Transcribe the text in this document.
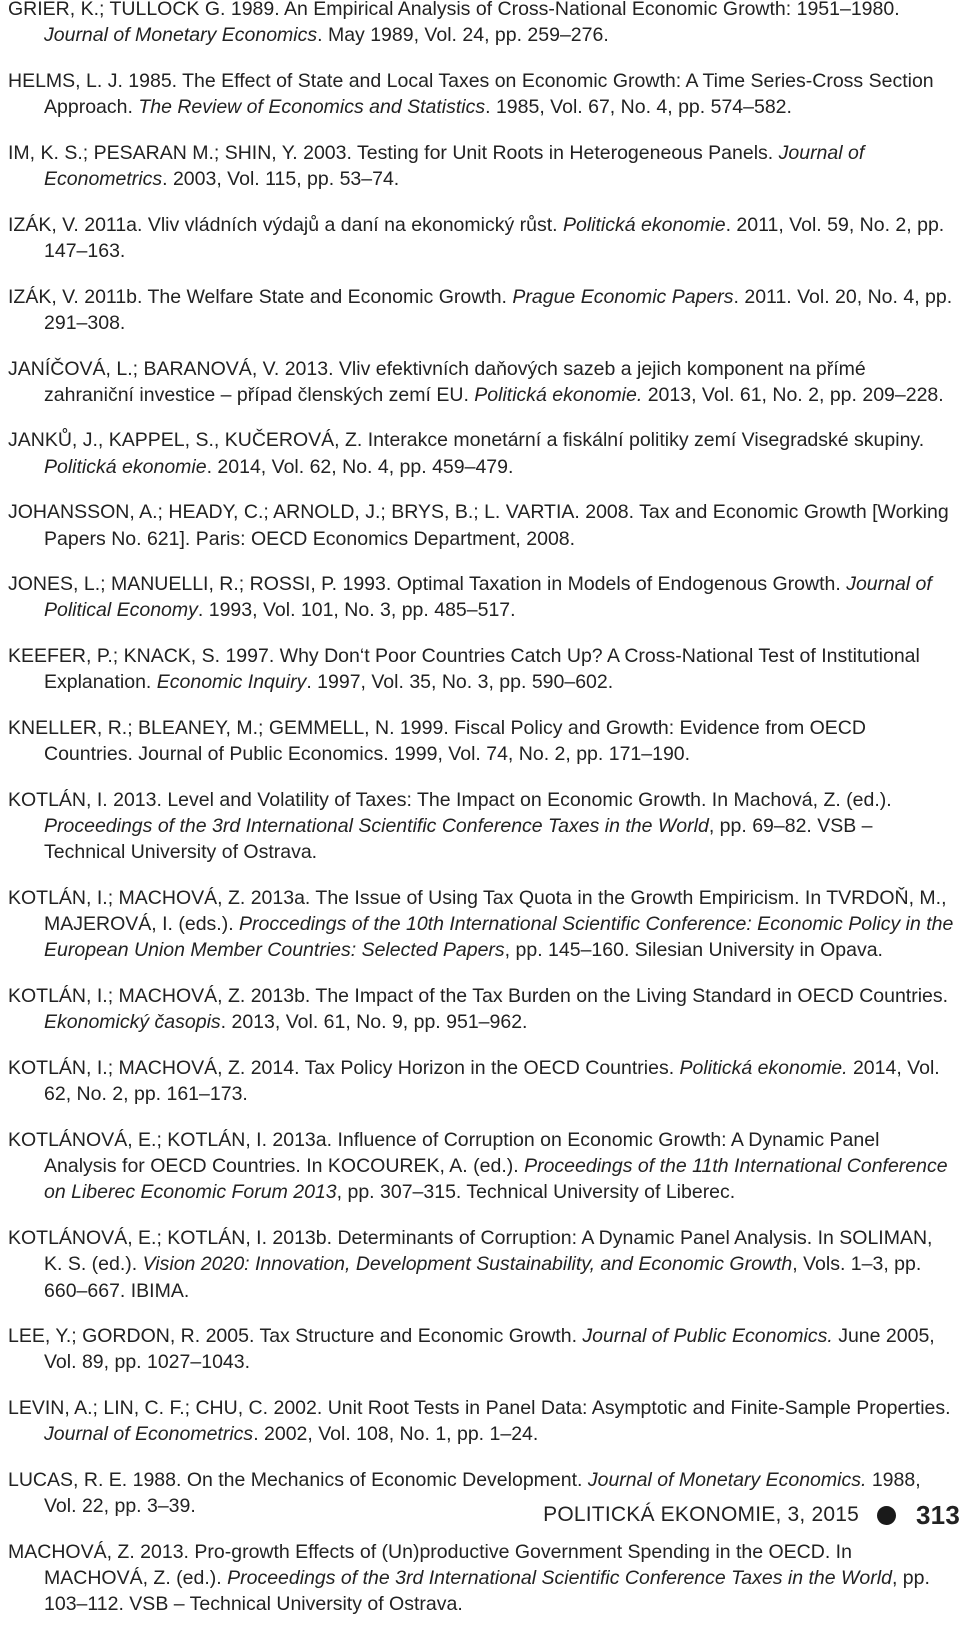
GRIER, K.; TULLOCK G. 1989. An Empirical Analysis of Cross-National Economic Growth: 1951–1980. Journal of Monetary Economics. May 1989, Vol. 24, pp. 259–276.

HELMS, L. J. 1985. The Effect of State and Local Taxes on Economic Growth: A Time Series-Cross Section Approach. The Review of Economics and Statistics. 1985, Vol. 67, No. 4, pp. 574–582.

IM, K. S.; PESARAN M.; SHIN, Y. 2003. Testing for Unit Roots in Heterogeneous Panels. Journal of Econometrics. 2003, Vol. 115, pp. 53–74.

IZÁK, V. 2011a. Vliv vládních výdajů a daní na ekonomický růst. Politická ekonomie. 2011, Vol. 59, No. 2, pp. 147–163.

IZÁK, V. 2011b. The Welfare State and Economic Growth. Prague Economic Papers. 2011. Vol. 20, No. 4, pp. 291–308.

JANÍČOVÁ, L.; BARANOVÁ, V. 2013. Vliv efektivních daňových sazeb a jejich komponent na přímé zahraniční investice – případ členských zemí EU. Politická ekonomie. 2013, Vol. 61, No. 2, pp. 209–228.

JANKŮ, J., KAPPEL, S., KUČEROVÁ, Z. Interakce monetární a fiskální politiky zemí Visegradské skupiny. Politická ekonomie. 2014, Vol. 62, No. 4, pp. 459–479.

JOHANSSON, A.; HEADY, C.; ARNOLD, J.; BRYS, B.; L. VARTIA. 2008. Tax and Economic Growth [Working Papers No. 621]. Paris: OECD Economics Department, 2008.

JONES, L.; MANUELLI, R.; ROSSI, P. 1993. Optimal Taxation in Models of Endogenous Growth. Journal of Political Economy. 1993, Vol. 101, No. 3, pp. 485–517.

KEEFER, P.; KNACK, S. 1997. Why Don‘t Poor Countries Catch Up? A Cross-National Test of Institutional Explanation. Economic Inquiry. 1997, Vol. 35, No. 3, pp. 590–602.

KNELLER, R.; BLEANEY, M.; GEMMELL, N. 1999. Fiscal Policy and Growth: Evidence from OECD Countries. Journal of Public Economics. 1999, Vol. 74, No. 2, pp. 171–190.

KOTLÁN, I. 2013. Level and Volatility of Taxes: The Impact on Economic Growth. In Machová, Z. (ed.). Proceedings of the 3rd International Scientific Conference Taxes in the World, pp. 69–82. VSB – Technical University of Ostrava.

KOTLÁN, I.; MACHOVÁ, Z. 2013a. The Issue of Using Tax Quota in the Growth Empiricism. In TVRDOŇ, M., MAJEROVÁ, I. (eds.). Proccedings of the 10th International Scientific Conference: Economic Policy in the European Union Member Countries: Selected Papers, pp. 145–160. Silesian University in Opava.

KOTLÁN, I.; MACHOVÁ, Z. 2013b. The Impact of the Tax Burden on the Living Standard in OECD Countries. Ekonomický časopis. 2013, Vol. 61, No. 9, pp. 951–962.

KOTLÁN, I.; MACHOVÁ, Z. 2014. Tax Policy Horizon in the OECD Countries. Politická ekonomie. 2014, Vol. 62, No. 2, pp. 161–173.

KOTLÁNOVÁ, E.; KOTLÁN, I. 2013a. Influence of Corruption on Economic Growth: A Dynamic Panel Analysis for OECD Countries. In KOCOUREK, A. (ed.). Proceedings of the 11th International Conference on Liberec Economic Forum 2013, pp. 307–315. Technical University of Liberec.

KOTLÁNOVÁ, E.; KOTLÁN, I. 2013b. Determinants of Corruption: A Dynamic Panel Analysis. In SOLIMAN, K. S. (ed.). Vision 2020: Innovation, Development Sustainability, and Economic Growth, Vols. 1–3, pp. 660–667. IBIMA.

LEE, Y.; GORDON, R. 2005. Tax Structure and Economic Growth. Journal of Public Economics. June 2005, Vol. 89, pp. 1027–1043.

LEVIN, A.; LIN, C. F.; CHU, C. 2002. Unit Root Tests in Panel Data: Asymptotic and Finite-Sample Properties. Journal of Econometrics. 2002, Vol. 108, No. 1, pp. 1–24.

LUCAS, R. E. 1988. On the Mechanics of Economic Development. Journal of Monetary Economics. 1988, Vol. 22, pp. 3–39.

MACHOVÁ, Z. 2013. Pro-growth Effects of (Un)productive Government Spending in the OECD. In MACHOVÁ, Z. (ed.). Proceedings of the 3rd International Scientific Conference Taxes in the World, pp. 103–112. VSB – Technical University of Ostrava.

POLITICKÁ EKONOMIE, 3, 2015 313
